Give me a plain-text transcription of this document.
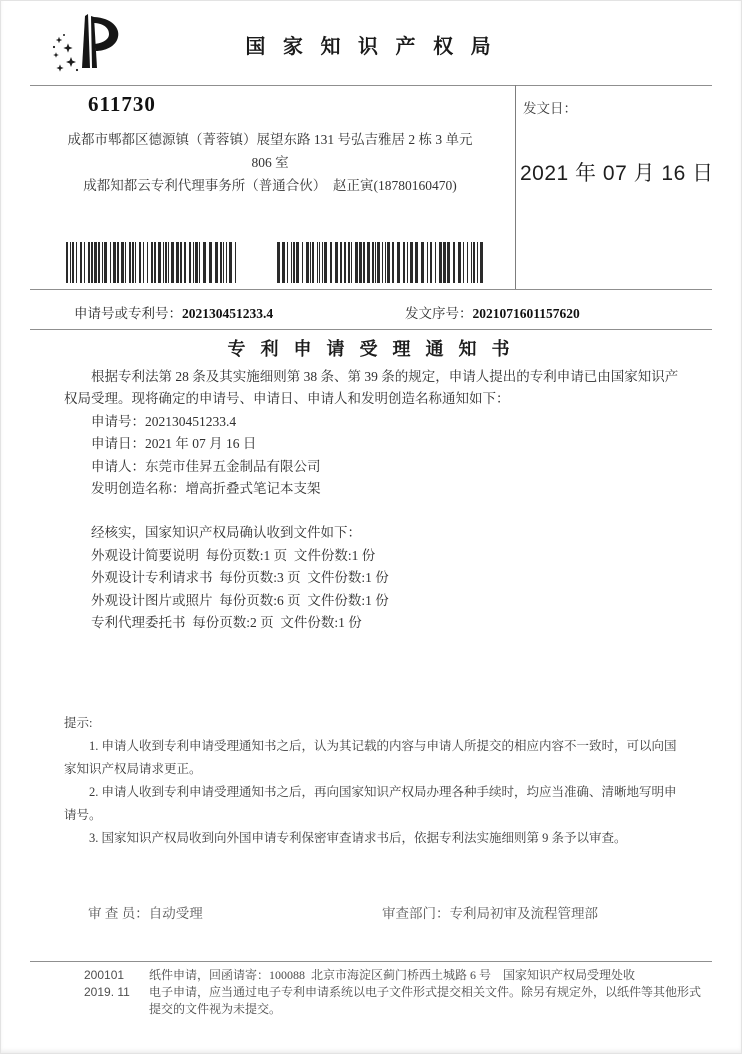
国 家 知 识 产 权 局
611730
成都市郫都区德源镇（菁蓉镇）展望东路 131 号弘吉雅居 2 栋 3 单元
806 室
成都知都云专利代理事务所（普通合伙）　赵正寅(18780160470)
发文日：
2021 年 07 月 16 日
申请号或专利号：202130451233.4	发文序号：2021071601157620
专 利 申 请 受 理 通 知 书

根据专利法第 28 条及其实施细则第 38 条、第 39 条的规定，申请人提出的专利申请已由国家知识产权局受理。现将确定的申请号、申请日、申请人和发明创造名称通知如下：

申请号：202130451233.4
申请日：2021 年 07 月 16 日
申请人：东莞市佳昇五金制品有限公司
发明创造名称：增高折叠式笔记本支架
经核实，国家知识产权局确认收到文件如下：
外观设计简要说明  每份页数:1 页  文件份数:1 份
外观设计专利请求书  每份页数:3 页  文件份数:1 份
外观设计图片或照片  每份页数:6 页  文件份数:1 份
专利代理委托书  每份页数:2 页  文件份数:1 份
提示:

1. 申请人收到专利申请受理通知书之后，认为其记载的内容与申请人所提交的相应内容不一致时，可以向国家知识产权局请求更正。

2. 申请人收到专利申请受理通知书之后，再向国家知识产权局办理各种手续时，均应当准确、清晰地写明申请号。

3. 国家知识产权局收到向外国申请专利保密审查请求书后，依据专利法实施细则第 9 条予以审查。

审 查 员：自动受理	审查部门：专利局初审及流程管理部
200101
2019. 11
纸件申请，回函请寄：100088  北京市海淀区蓟门桥西土城路 6 号　国家知识产权局受理处收
电子申请，应当通过电子专利申请系统以电子文件形式提交相关文件。除另有规定外，以纸件等其他形式提交的文件视为未提交。
